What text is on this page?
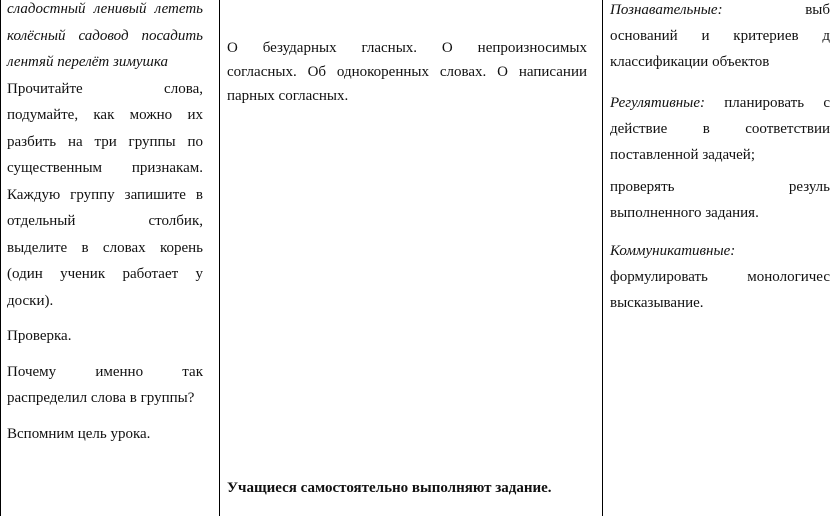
сладостный ленивый лететь

колёсный садовод посадить

лентяй перелёт зимушка

Прочитайте слова,

подумайте, как можно их

разбить на три группы по

существенным признакам.

Каждую группу запишите в

отдельный столбик,

выделите в словах корень

(один ученик работает у

доски).

Проверка.

Почему именно так

распределил слова в группы?

Вспомним цель урока.

О безударных гласных. О непроизносимых

согласных. Об однокоренных словах. О написании

парных согласных.

Учащиеся самостоятельно выполняют задание.

Познавательные:	выб

оснований и критериев д

классификации объектов

Регулятивные: планировать с

действие в соответствии

поставленной задачей;

проверять резуль

выполненного задания.

Коммуникативные:

формулировать монологичес

высказывание.
